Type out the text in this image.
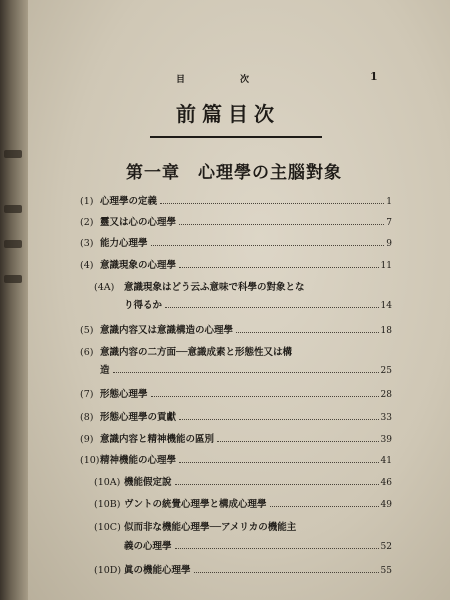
目	次	1
前篇目次
第一章　心理學の主腦對象
(1) 心理學の定義	1
(2) 靈又は心の心理學	7
(3) 能力心理學	9
(4) 意識現象の心理學	11
(4A)	意識現象はどう云ふ意味で科學の對象とな
り得るか	14
(5) 意識内容又は意識構造の心理學	18
(6) 意識内容の二方面──意識成素と形態性又は構
造	25
(7) 形態心理學	28
(8) 形態心理學の貢獻	33
(9) 意識内容と精神機能の區別	39
(10) 精神機能の心理學	41
(10A) 機能假定說	46
(10B) ヴントの統覺心理學と構成心理學	49
(10C) 似而非な機能心理學──アメリカの機能主
義の心理學	52
(10D) 眞の機能心理學	55
